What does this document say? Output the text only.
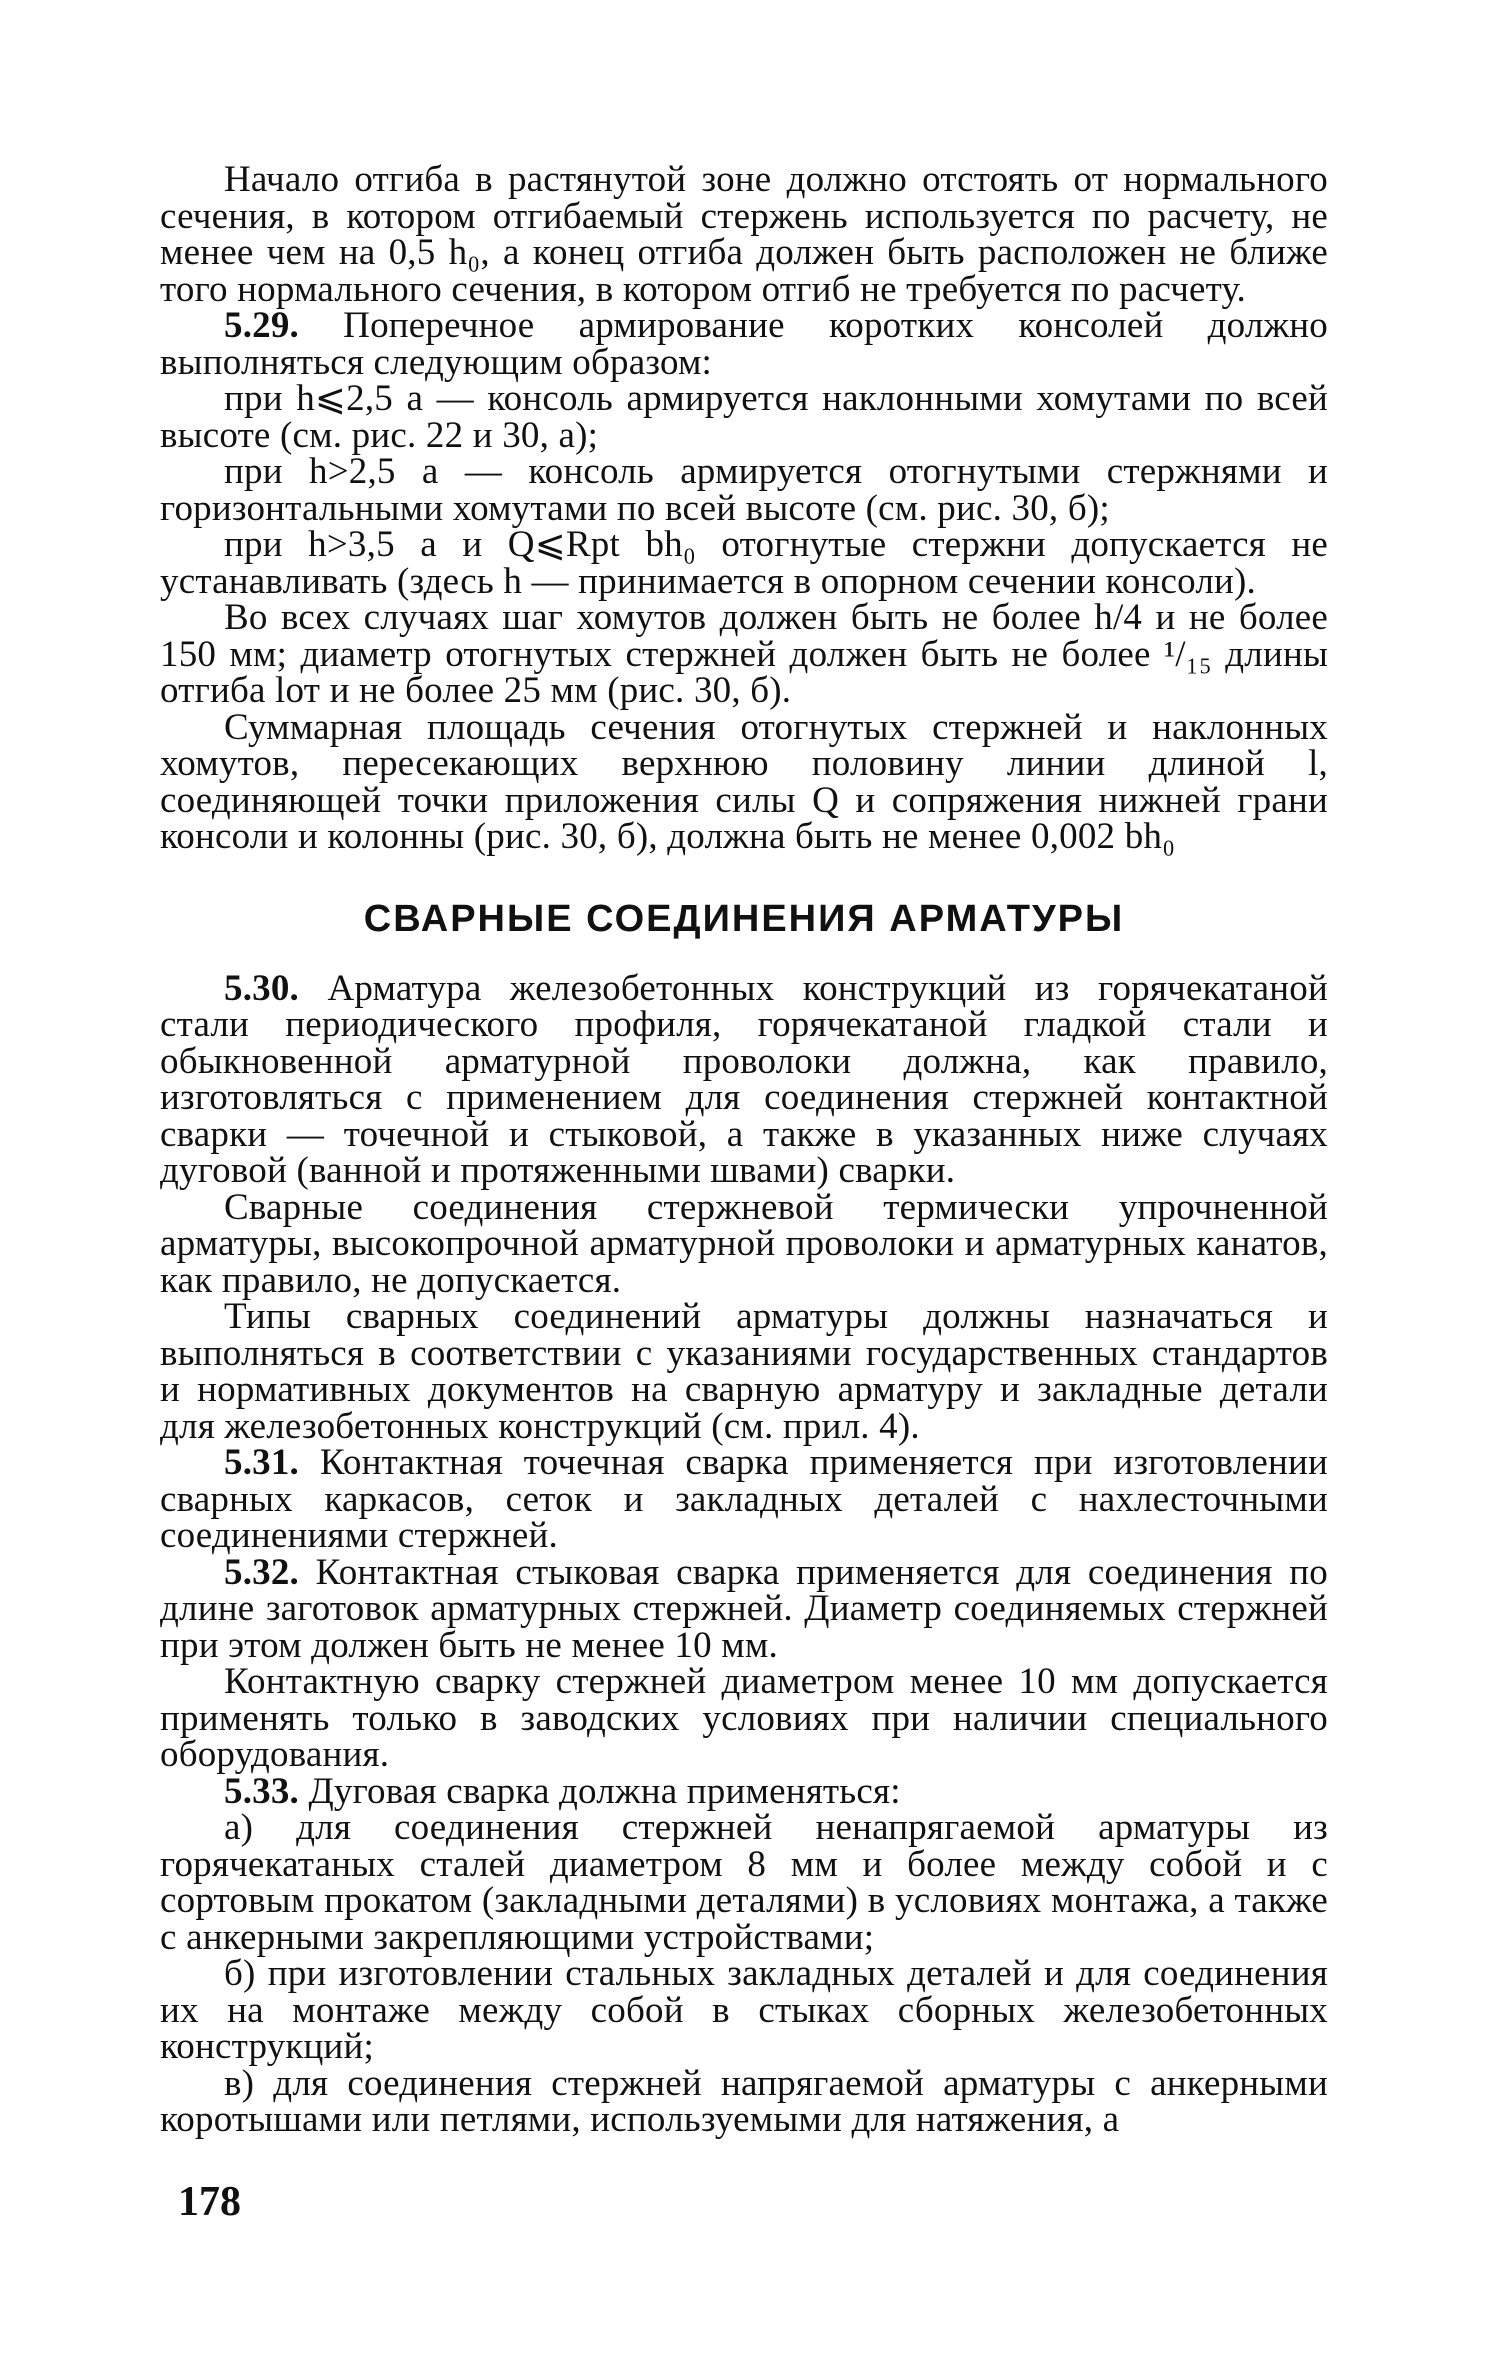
Начало отгиба в растянутой зоне должно отстоять от нормального сечения, в котором отгибаемый стержень используется по расчету, не менее чем на 0,5 h₀, а конец отгиба должен быть расположен не ближе того нормального сечения, в котором отгиб не требуется по расчету.

5.29. Поперечное армирование коротких консолей должно выполняться следующим образом:

при h⩽2,5 a — консоль армируется наклонными хомутами по всей высоте (см. рис. 22 и 30, а);

при h>2,5 a — консоль армируется отогнутыми стержнями и горизонтальными хомутами по всей высоте (см. рис. 30, б);

при h>3,5 a и Q⩽Rpt bh₀ отогнутые стержни допускается не устанавливать (здесь h — принимается в опорном сечении консоли).

Во всех случаях шаг хомутов должен быть не более h/4 и не более 150 мм; диаметр отогнутых стержней должен быть не более ¹/₁₅ длины отгиба lот и не более 25 мм (рис. 30, б).

Суммарная площадь сечения отогнутых стержней и наклонных хомутов, пересекающих верхнюю половину линии длиной l, соединяющей точки приложения силы Q и сопряжения нижней грани консоли и колонны (рис. 30, б), должна быть не менее 0,002 bh₀

СВАРНЫЕ СОЕДИНЕНИЯ АРМАТУРЫ

5.30. Арматура железобетонных конструкций из горячекатаной стали периодического профиля, горячекатаной гладкой стали и обыкновенной арматурной проволоки должна, как правило, изготовляться с применением для соединения стержней контактной сварки — точечной и стыковой, а также в указанных ниже случаях дуговой (ванной и протяженными швами) сварки.

Сварные соединения стержневой термически упрочненной арматуры, высокопрочной арматурной проволоки и арматурных канатов, как правило, не допускается.

Типы сварных соединений арматуры должны назначаться и выполняться в соответствии с указаниями государственных стандартов и нормативных документов на сварную арматуру и закладные детали для железобетонных конструкций (см. прил. 4).

5.31. Контактная точечная сварка применяется при изготовлении сварных каркасов, сеток и закладных деталей с нахлесточными соединениями стержней.

5.32. Контактная стыковая сварка применяется для соединения по длине заготовок арматурных стержней. Диаметр соединяемых стержней при этом должен быть не менее 10 мм.

Контактную сварку стержней диаметром менее 10 мм допускается применять только в заводских условиях при наличии специального оборудования.

5.33. Дуговая сварка должна применяться:

а) для соединения стержней ненапрягаемой арматуры из горячекатаных сталей диаметром 8 мм и более между собой и с сортовым прокатом (закладными деталями) в условиях монтажа, а также с анкерными закрепляющими устройствами;

б) при изготовлении стальных закладных деталей и для соединения их на монтаже между собой в стыках сборных железобетонных конструкций;

в) для соединения стержней напрягаемой арматуры с анкерными коротышами или петлями, используемыми для натяжения, а

178
